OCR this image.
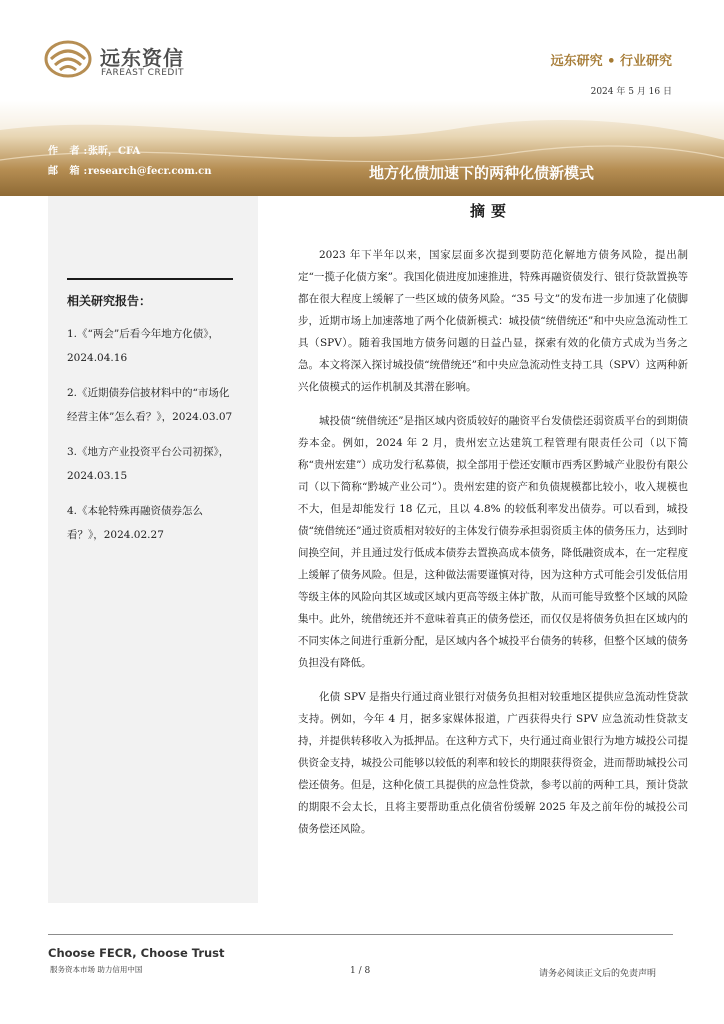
远东资信
FAREAST CREDIT
远东研究 • 行业研究
2024 年 5 月 16 日
作 者:张昕，CFA
邮 箱:research@fecr.com.cn	地方化债加速下的两种化债新模式
相关研究报告：
1.《“两会”后看今年地方化债》，2024.04.16
2.《近期债券信披材料中的“市场化经营主体”怎么看？》，2024.03.07
3.《地方产业投资平台公司初探》，2024.03.15
4.《本轮特殊再融资债券怎么看？》，2024.02.27
摘要

2023 年下半年以来，国家层面多次提到要防范化解地方债务风险，提出制定“一揽子化债方案”。我国化债进度加速推进，特殊再融资债发行、银行贷款置换等都在很大程度上缓解了一些区域的债务风险。“35 号文”的发布进一步加速了化债脚步，近期市场上加速落地了两个化债新模式：城投债“统借统还”和中央应急流动性工具（SPV）。随着我国地方债务问题的日益凸显，探索有效的化债方式成为当务之急。本文将深入探讨城投债“统借统还”和中央应急流动性支持工具（SPV）这两种新兴化债模式的运作机制及其潜在影响。

城投债“统借统还”是指区域内资质较好的融资平台发债偿还弱资质平台的到期债券本金。例如，2024 年 2 月，贵州宏立达建筑工程管理有限责任公司（以下简称“贵州宏建”）成功发行私募债，拟全部用于偿还安顺市西秀区黔城产业股份有限公司（以下简称“黔城产业公司”）。贵州宏建的资产和负债规模都比较小，收入规模也不大，但是却能发行 18 亿元，且以 4.8% 的较低利率发出债券。可以看到，城投债“统借统还”通过资质相对较好的主体发行债券承担弱资质主体的债务压力，达到时间换空间，并且通过发行低成本债券去置换高成本债务，降低融资成本，在一定程度上缓解了债务风险。但是，这种做法需要谨慎对待，因为这种方式可能会引发低信用等级主体的风险向其区域或区域内更高等级主体扩散，从而可能导致整个区域的风险集中。此外，统借统还并不意味着真正的债务偿还，而仅仅是将债务负担在区域内的不同实体之间进行重新分配，是区域内各个城投平台债务的转移，但整个区域的债务负担没有降低。

化债 SPV 是指央行通过商业银行对债务负担相对较重地区提供应急流动性贷款支持。例如，今年 4 月，据多家媒体报道，广西获得央行 SPV 应急流动性贷款支持，并提供转移收入为抵押品。在这种方式下，央行通过商业银行为地方城投公司提供资金支持，城投公司能够以较低的利率和较长的期限获得资金，进而帮助城投公司偿还债务。但是，这种化债工具提供的应急性贷款，参考以前的两种工具，预计贷款的期限不会太长，且将主要帮助重点化债省份缓解 2025 年及之前年份的城投公司债务偿还风险。

Choose FECR, Choose Trust
服务资本市场 助力信用中国	1 / 8	请务必阅读正文后的免责声明
